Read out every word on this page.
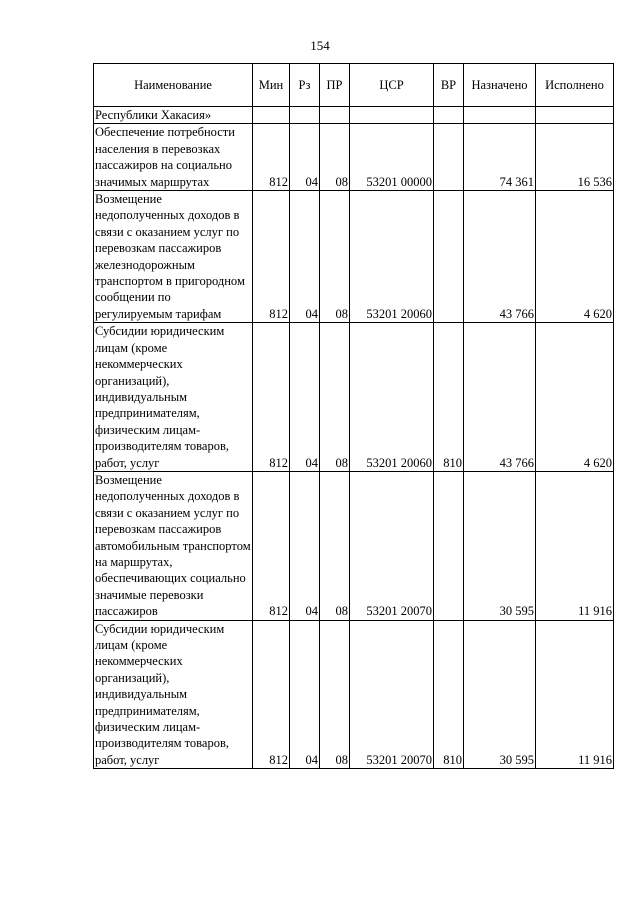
154
Наименование	Мин	Рз	ПР	ЦСР	ВР	Назначено	Исполнено
Республики Хакасия»							
Обеспечение потребности населения в перевозках пассажиров на социально значимых маршрутах	812	04	08	53201 00000		74 361	16 536
Возмещение недополученных доходов в связи с оказанием услуг по перевозкам пассажиров железнодорожным транспортом в пригородном сообщении по регулируемым тарифам	812	04	08	53201 20060		43 766	4 620
Субсидии юридическим лицам (кроме некоммерческих организаций), индивидуальным предпринимателям, физическим лицам-производителям товаров, работ, услуг	812	04	08	53201 20060	810	43 766	4 620
Возмещение недополученных доходов в связи с оказанием услуг по перевозкам пассажиров автомобильным транспортом на маршрутах, обеспечивающих социально значимые перевозки пассажиров	812	04	08	53201 20070		30 595	11 916
Субсидии юридическим лицам (кроме некоммерческих организаций), индивидуальным предпринимателям, физическим лицам-производителям товаров, работ, услуг	812	04	08	53201 20070	810	30 595	11 916
